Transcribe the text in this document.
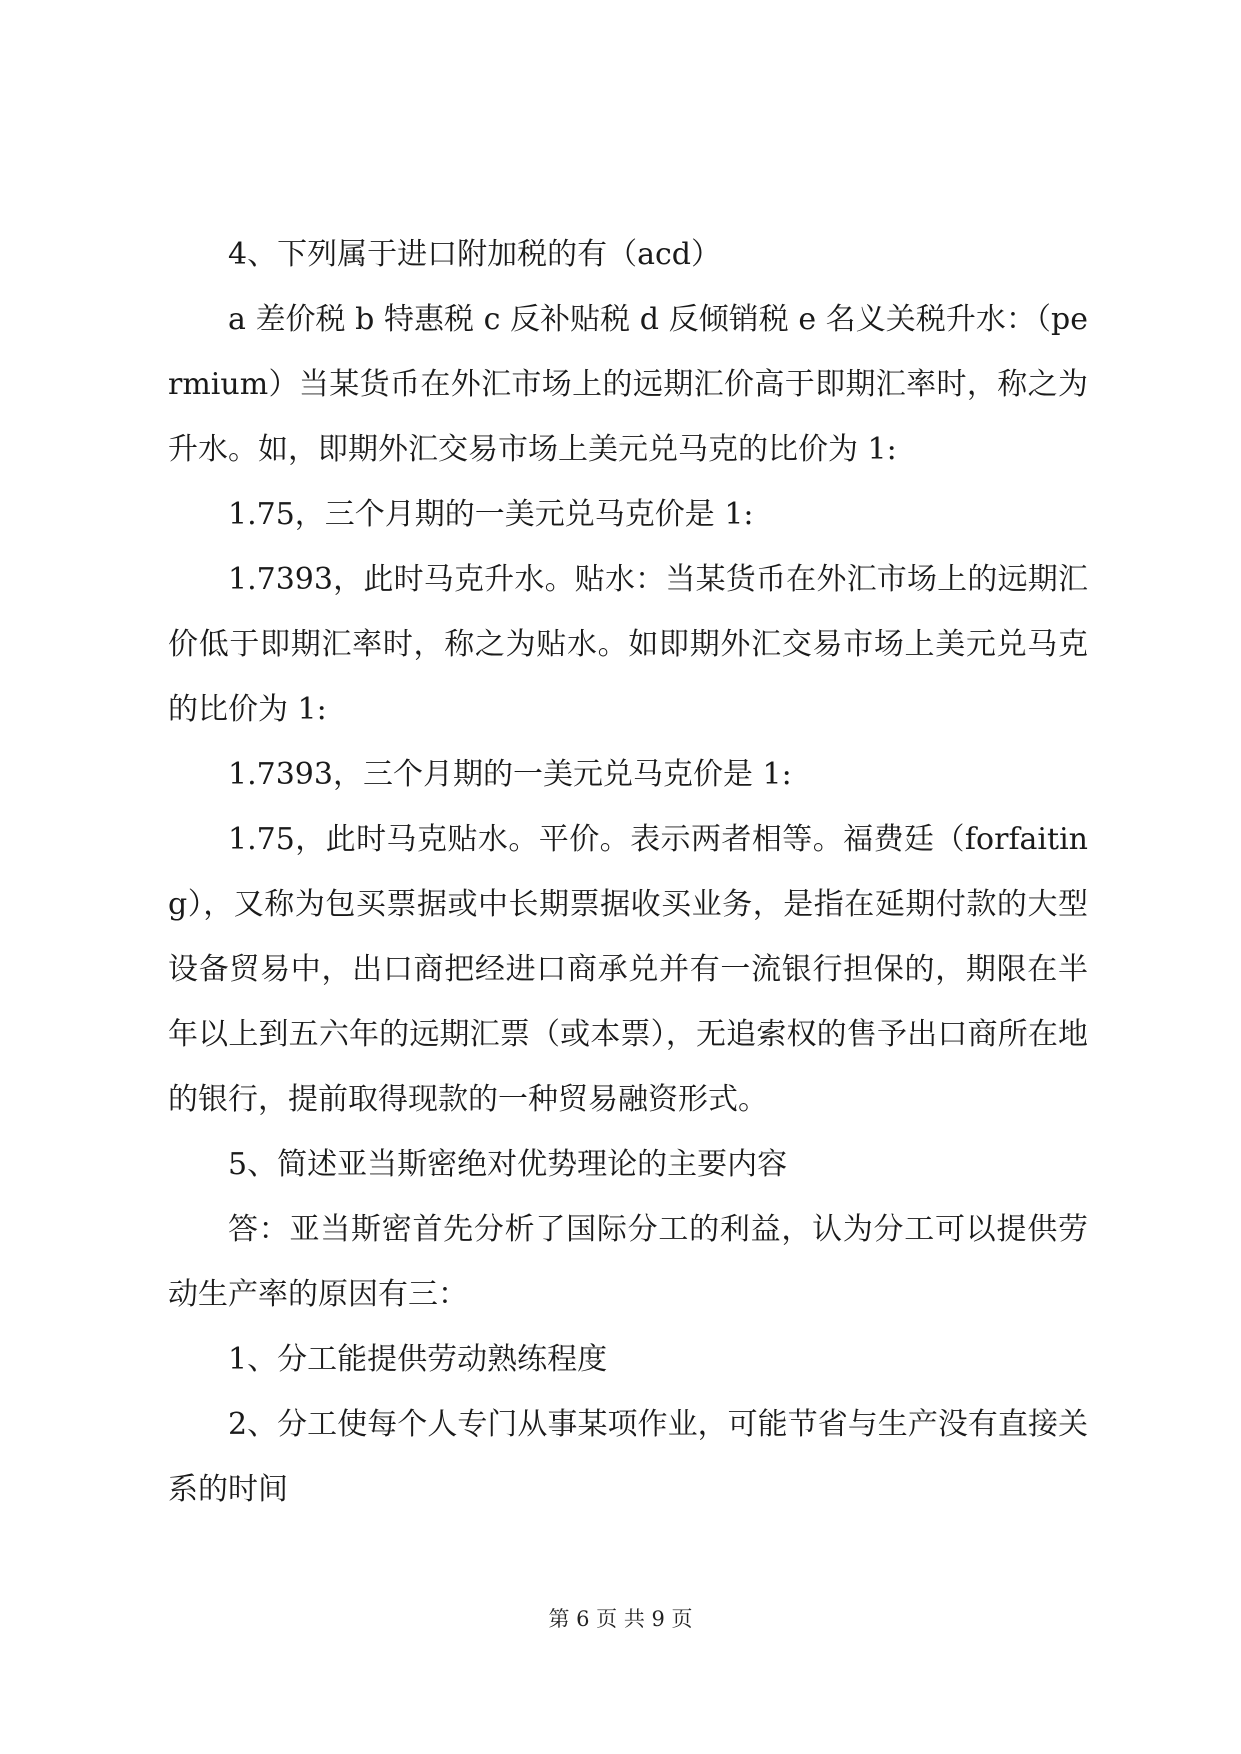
4、下列属于进口附加税的有（acd）

a 差价税 b 特惠税 c 反补贴税 d 反倾销税 e 名义关税升水：（permium）当某货币在外汇市场上的远期汇价高于即期汇率时，称之为升水。如，即期外汇交易市场上美元兑马克的比价为 1:

1.75，三个月期的一美元兑马克价是 1:

1.7393，此时马克升水。贴水：当某货币在外汇市场上的远期汇价低于即期汇率时，称之为贴水。如即期外汇交易市场上美元兑马克的比价为 1:

1.7393，三个月期的一美元兑马克价是 1:

1.75，此时马克贴水。平价。表示两者相等。福费廷（forfaiting），又称为包买票据或中长期票据收买业务，是指在延期付款的大型设备贸易中，出口商把经进口商承兑并有一流银行担保的，期限在半年以上到五六年的远期汇票（或本票），无追索权的售予出口商所在地的银行，提前取得现款的一种贸易融资形式。

5、简述亚当斯密绝对优势理论的主要内容

答：亚当斯密首先分析了国际分工的利益，认为分工可以提供劳动生产率的原因有三：

1、分工能提供劳动熟练程度

2、分工使每个人专门从事某项作业，可能节省与生产没有直接关系的时间

第 6 页 共 9 页
